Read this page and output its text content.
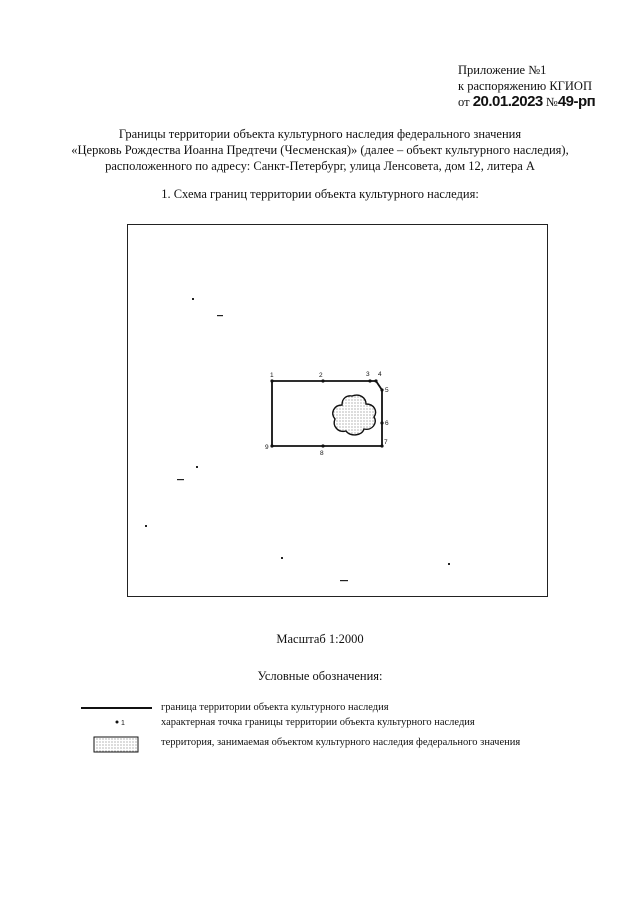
Приложение №1
к распоряжению КГИОП
от 20.01.2023 №49-рп
Границы территории объекта культурного наследия федерального значения
«Церковь Рождества Иоанна Предтечи (Чесменская)» (далее – объект культурного наследия),
расположенного по адресу: Санкт-Петербург, улица Ленсовета, дом 12, литера А
1. Схема границ территории объекта культурного наследия:
1	2	3 4
5
6
7
8
9
1
Масштаб 1:2000
Условные обозначения:
граница территории объекта культурного наследия
характерная точка границы территории объекта культурного наследия
территория, занимаемая объектом культурного наследия федерального значения
